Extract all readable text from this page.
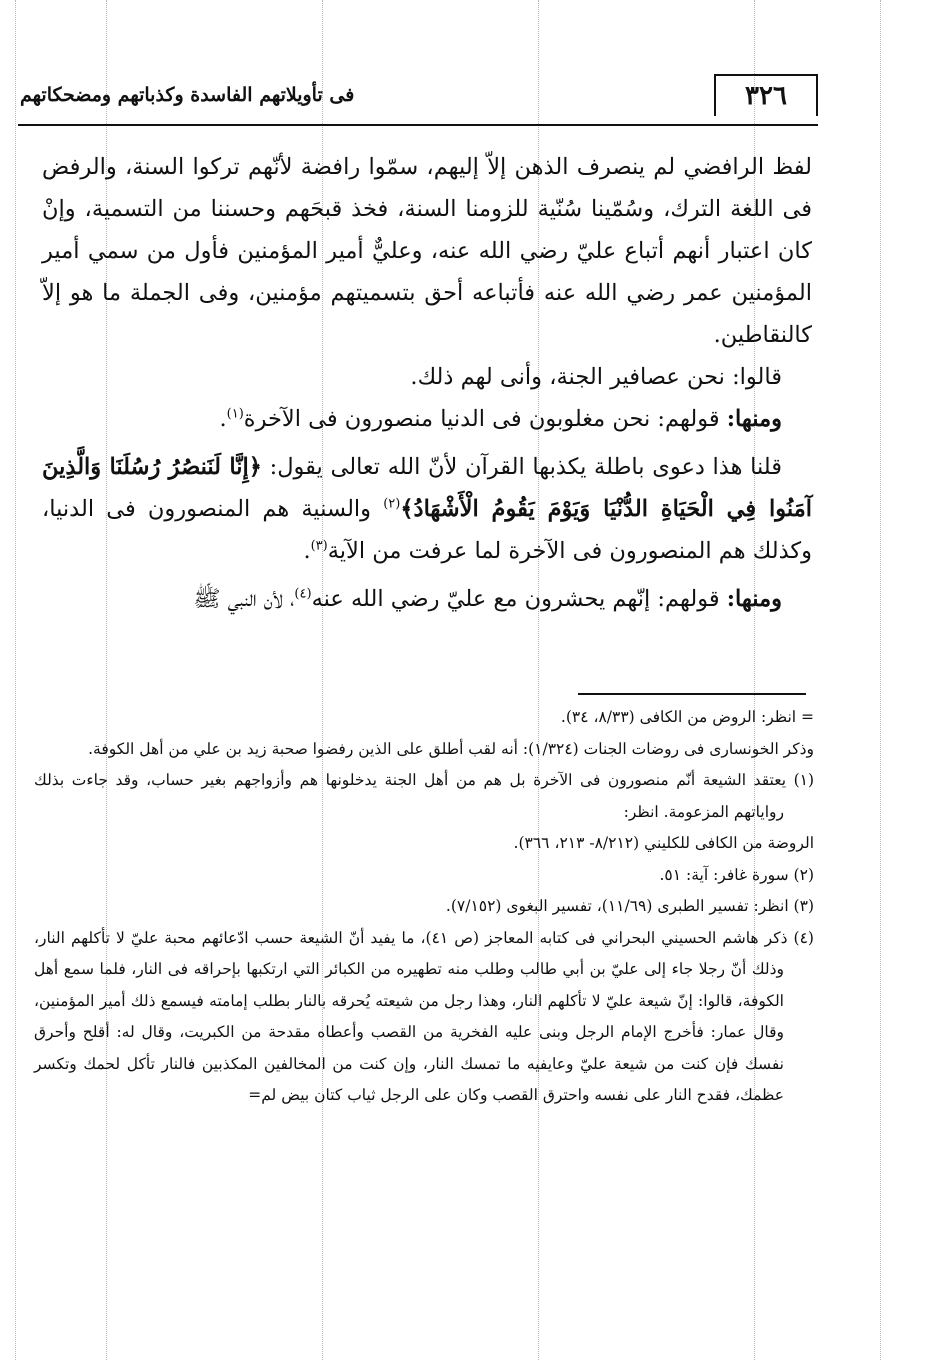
٣٢٦
فى تأويلاتهم الفاسدة وكذباتهم ومضحكاتهم

لفظ الرافضي لم ينصرف الذهن إلاّ إليهم، سمّوا رافضة لأنّهم تركوا السنة، والرفض فى اللغة الترك، وسُمّينا سُنّية للزومنا السنة، فخذ قبحَهم وحسننا من التسمية، وإنْ كان اعتبار أنهم أتباع عليّ رضي الله عنه، وعليٌّ أمير المؤمنين فأول من سمي أمير المؤمنين عمر رضي الله عنه فأتباعه أحق بتسميتهم مؤمنين، وفى الجملة ما هو إلاّ كالنقاطين.

قالوا: نحن عصافير الجنة، وأنى لهم ذلك.

ومنها: قولهم: نحن مغلوبون فى الدنيا منصورون فى الآخرة$^{(١)}$.

قلنا هذا دعوى باطلة يكذبها القرآن لأنّ الله تعالى يقول: ﴿إِنَّا لَنَنصُرُ رُسُلَنَا وَالَّذِينَ آمَنُوا فِي الْحَيَاةِ الدُّنْيَا وَيَوْمَ يَقُومُ الْأَشْهَادُ﴾$^{(٢)}$ والسنية هم المنصورون فى الدنيا، وكذلك هم المنصورون فى الآخرة لما عرفت من الآية$^{(٣)}$.

ومنها: قولهم: إنّهم يحشرون مع عليّ رضي الله عنه$^{(٤)}$، لأن النبي ﷺ

= انظر: الروض من الكافى (٨/٣٣، ٣٤).

وذكر الخونسارى فى روضات الجنات (١/٣٢٤): أنه لقب أطلق على الذين رفضوا صحبة زيد بن علي من أهل الكوفة.

(١) يعتقد الشيعة أنّم منصورون فى الآخرة بل هم من أهل الجنة يدخلونها هم وأزواجهم بغير حساب، وقد جاءت بذلك رواياتهم المزعومة. انظر:

الروضة من الكافى للكليني (٨/٢١٢- ٢١٣، ٣٦٦).

(٢) سورة غافر: آية: ٥١.

(٣) انظر: تفسير الطبرى (١١/٦٩)، تفسير البغوى (٧/١٥٢).

(٤) ذكر هاشم الحسيني البحراني فى كتابه المعاجز (ص ٤١)، ما يفيد أنّ الشيعة حسب ادّعائهم محبة عليّ لا تأكلهم النار، وذلك أنّ رجلا جاء إلى عليّ بن أبي طالب وطلب منه تطهيره من الكبائر التي ارتكبها بإحراقه فى النار، فلما سمع أهل الكوفة، قالوا: إنّ شيعة عليّ لا تأكلهم النار، وهذا رجل من شيعته يُحرقه بالنار بطلب إمامته فيسمع ذلك أمير المؤمنين، وقال عمار: فأخرج الإمام الرجل وبنى عليه الفخرية من القصب وأعطاه مقدحة من الكبريت، وقال له: أقلح وأحرق نفسك فإن كنت من شيعة عليّ وعايفيه ما تمسك النار، وإن كنت من المخالفين المكذبين فالنار تأكل لحمك وتكسر عظمك، فقدح النار على نفسه واحترق القصب وكان على الرجل ثياب كتان بيض لم=
